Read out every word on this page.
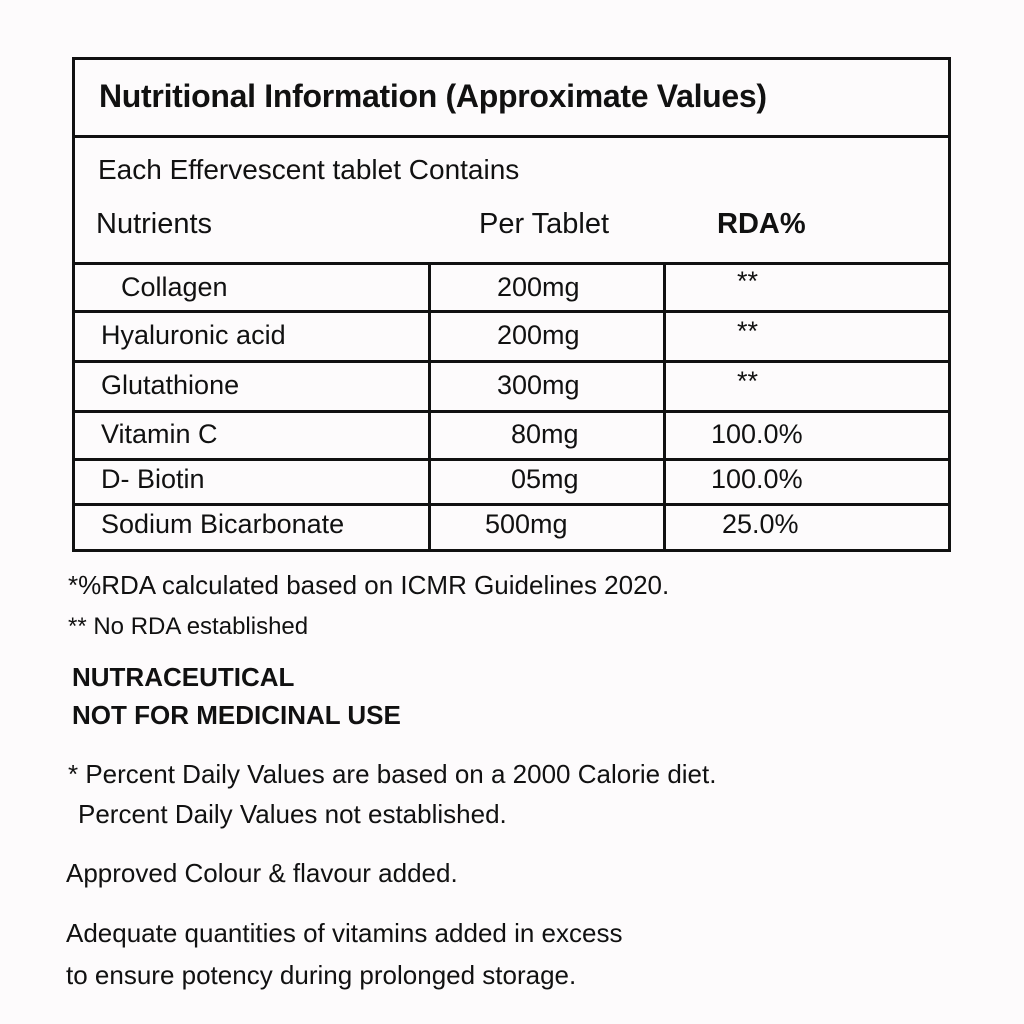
Nutritional Information (Approximate Values)
Each Effervescent tablet Contains
Nutrients	Per Tablet	RDA%
Collagen	200mg	**
Hyaluronic acid	200mg	**
Glutathione	300mg	**
Vitamin C	80mg	100.0%
D- Biotin	05mg	100.0%
Sodium Bicarbonate	500mg	25.0%
*%RDA calculated based on ICMR Guidelines 2020.
** No RDA established
NUTRACEUTICAL
NOT FOR MEDICINAL USE
* Percent Daily Values are based on a 2000 Calorie diet.
Percent Daily Values not established.
Approved Colour & flavour added.
Adequate quantities of vitamins added in excess
to ensure potency during prolonged storage.
